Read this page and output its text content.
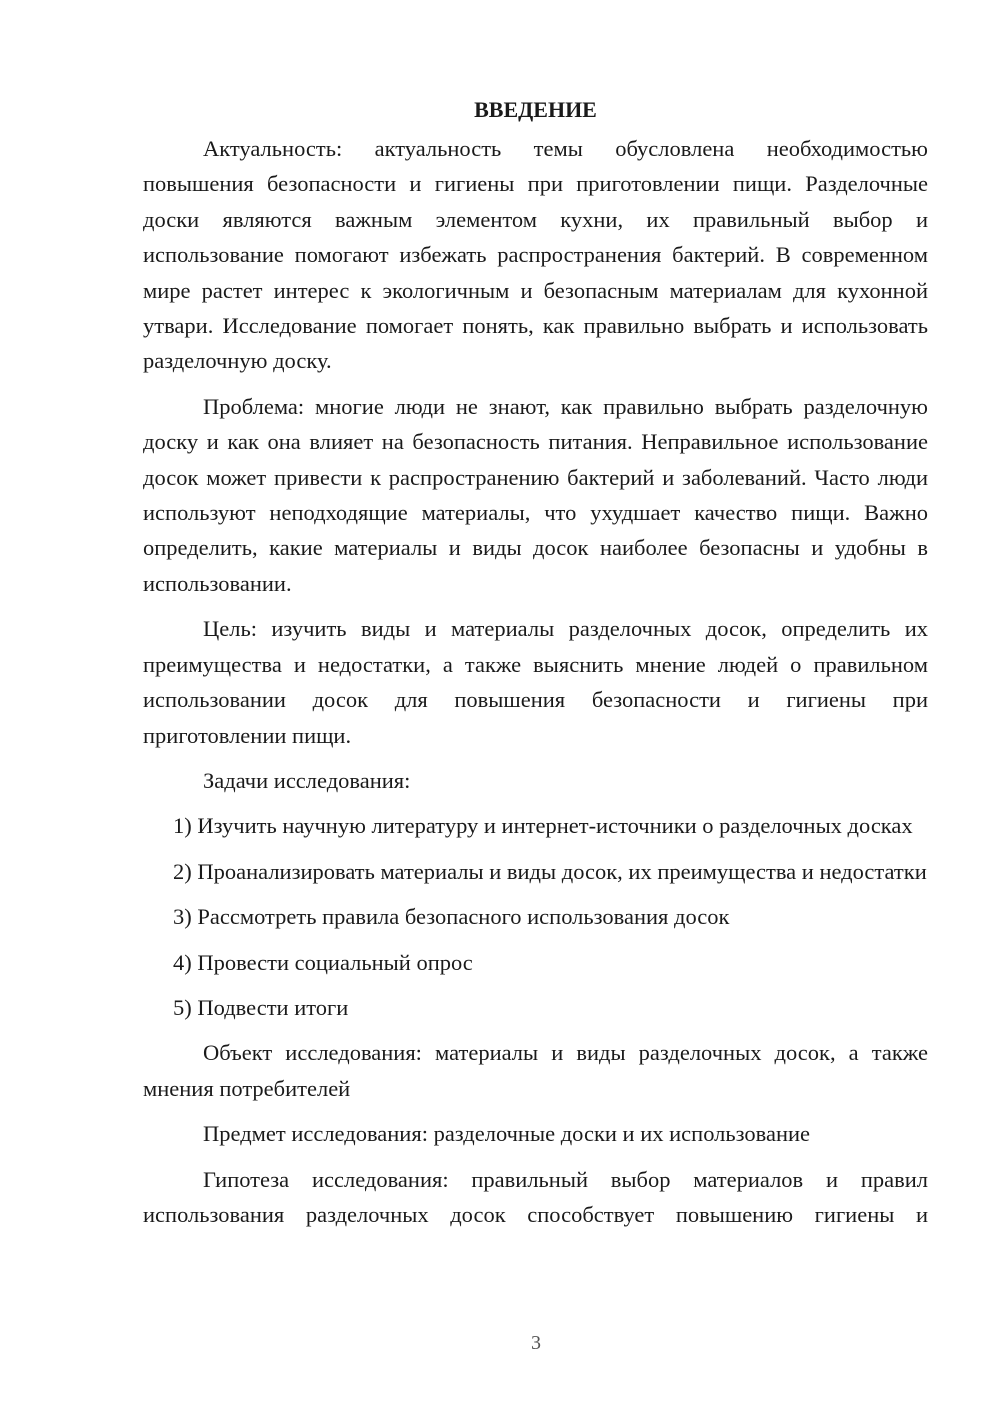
ВВЕДЕНИЕ

Актуальность: актуальность темы обусловлена необходимостью повышения безопасности и гигиены при приготовлении пищи. Разделочные доски являются важным элементом кухни, их правильный выбор и использование помогают избежать распространения бактерий. В современном мире растет интерес к экологичным и безопасным материалам для кухонной утвари. Исследование помогает понять, как правильно выбрать и использовать разделочную доску.

Проблема: многие люди не знают, как правильно выбрать разделочную доску и как она влияет на безопасность питания. Неправильное использование досок может привести к распространению бактерий и заболеваний. Часто люди используют неподходящие материалы, что ухудшает качество пищи. Важно определить, какие материалы и виды досок наиболее безопасны и удобны в использовании.

Цель: изучить виды и материалы разделочных досок, определить их преимущества и недостатки, а также выяснить мнение людей о правильном использовании досок для повышения безопасности и гигиены при приготовлении пищи.

Задачи исследования:

1) Изучить научную литературу и интернет-источники о разделочных досках

2) Проанализировать материалы и виды досок, их преимущества и недостатки

3) Рассмотреть правила безопасного использования досок

4) Провести социальный опрос

5) Подвести итоги

Объект исследования: материалы и виды разделочных досок, а также мнения потребителей

Предмет исследования: разделочные доски и их использование

Гипотеза исследования: правильный выбор материалов и правил использования разделочных досок способствует повышению гигиены и

3
